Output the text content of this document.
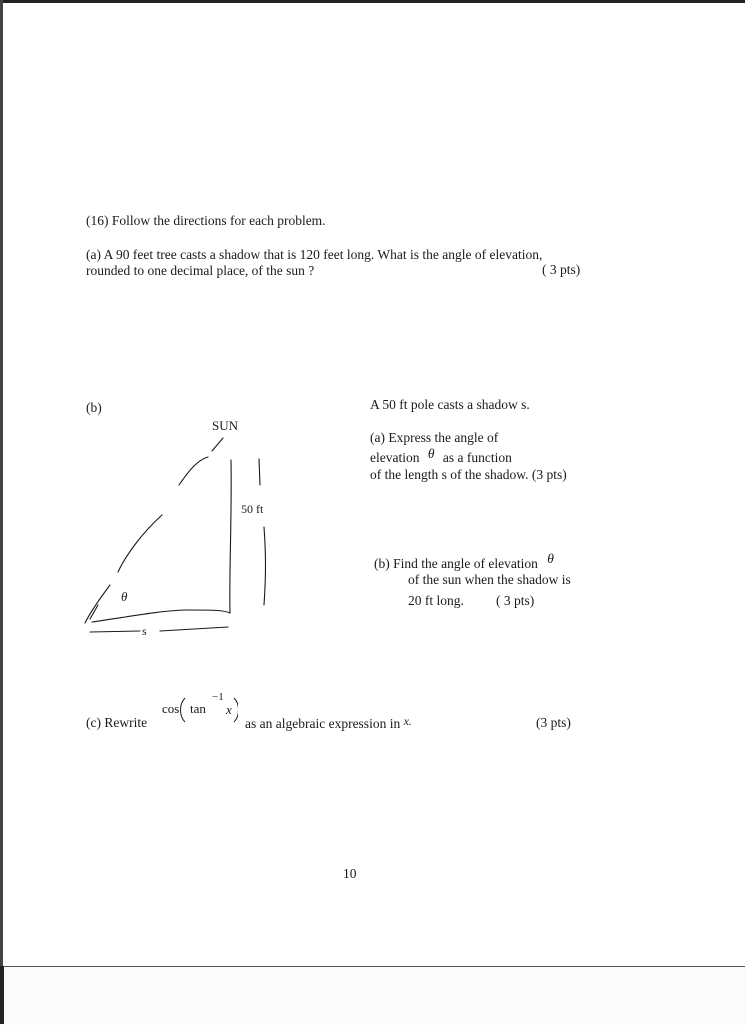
(16) Follow the directions for each problem.
(a) A 90 feet tree casts a shadow that is 120 feet long. What is the angle of elevation,
rounded to one decimal place, of the sun ?	( 3 pts)
(b)
SUN
50 ft
θ
s
A 50 ft pole casts a shadow s.
(a) Express the angle of
elevation θ as a function
of the length s of the shadow. (3 pts)
(b) Find the angle of elevation θ
of the sun when the shadow is
20 ft long. ( 3 pts)
(c) Rewrite
cos tan
−1
x
as an algebraic expression in x.	(3 pts)
10
